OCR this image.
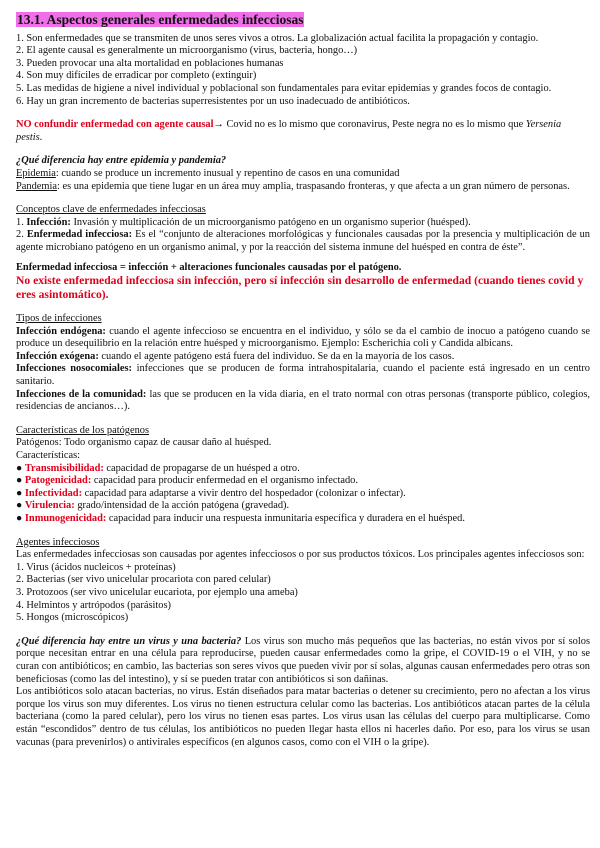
13.1. Aspectos generales enfermedades infecciosas

1. Son enfermedades que se transmiten de unos seres vivos a otros. La globalización actual facilita la propagación y contagio.

2. El agente causal es generalmente un microorganismo (virus, bacteria, hongo…)

3. Pueden provocar una alta mortalidad en poblaciones humanas

4. Son muy difíciles de erradicar por completo (extinguir)

5. Las medidas de higiene a nivel individual y poblacional son fundamentales para evitar epidemias y grandes focos de contagio.

6. Hay un gran incremento de bacterias superresistentes por un uso inadecuado de antibióticos.

NO confundir enfermedad con agente causal→ Covid no es lo mismo que coronavirus, Peste negra no es lo mismo que Yersenia pestis.

¿Qué diferencia hay entre epidemia y pandemia?

Epidemia: cuando se produce un incremento inusual y repentino de casos en una comunidad

Pandemia: es una epidemia que tiene lugar en un área muy amplia, traspasando fronteras, y que afecta a un gran número de personas.

Conceptos clave de enfermedades infecciosas

1. Infección: Invasión y multiplicación de un microorganismo patógeno en un organismo superior (huésped).

2. Enfermedad infecciosa: Es el “conjunto de alteraciones morfológicas y funcionales causadas por la presencia y multiplicación de un agente microbiano patógeno en un organismo animal, y por la reacción del sistema inmune del huésped en contra de éste”.

Enfermedad infecciosa = infección + alteraciones funcionales causadas por el patógeno.

No existe enfermedad infecciosa sin infección, pero sí infección sin desarrollo de enfermedad (cuando tienes covid y eres asintomático).

Tipos de infecciones

Infección endógena: cuando el agente infeccioso se encuentra en el individuo, y sólo se da el cambio de inocuo a patógeno cuando se produce un desequilibrio en la relación entre huésped y microorganismo. Ejemplo: Escherichia coli y Candida albicans.

Infección exógena: cuando el agente patógeno está fuera del individuo. Se da en la mayoría de los casos.

Infecciones nosocomiales: infecciones que se producen de forma intrahospitalaria, cuando el paciente está ingresado en un centro sanitario.

Infecciones de la comunidad: las que se producen en la vida diaria, en el trato normal con otras personas (transporte público, colegios, residencias de ancianos…).

Características de los patógenos

Patógenos: Todo organismo capaz de causar daño al huésped.

Características:

● Transmisibilidad: capacidad de propagarse de un huésped a otro.

● Patogenicidad: capacidad para producir enfermedad en el organismo infectado.

● Infectividad: capacidad para adaptarse a vivir dentro del hospedador (colonizar o infectar).

● Virulencia: grado/intensidad de la acción patógena (gravedad).

● Inmunogenicidad: capacidad para inducir una respuesta inmunitaria específica y duradera en el huésped.

Agentes infecciosos

Las enfermedades infecciosas son causadas por agentes infecciosos o por sus productos tóxicos. Los principales agentes infecciosos son:

1. Virus (ácidos nucleicos + proteínas)

2. Bacterias (ser vivo unicelular procariota con pared celular)

3. Protozoos (ser vivo unicelular eucariota, por ejemplo una ameba)

4. Helmintos y artrópodos (parásitos)

5. Hongos (microscópicos)

¿Qué diferencia hay entre un virus y una bacteria? Los virus son mucho más pequeños que las bacterias, no están vivos por sí solos porque necesitan entrar en una célula para reproducirse, pueden causar enfermedades como la gripe, el COVID-19 o el VIH, y no se curan con antibióticos; en cambio, las bacterias son seres vivos que pueden vivir por sí solas, algunas causan enfermedades pero otras son beneficiosas (como las del intestino), y sí se pueden tratar con antibióticos si son dañinas.

Los antibióticos solo atacan bacterias, no virus. Están diseñados para matar bacterias o detener su crecimiento, pero no afectan a los virus porque los virus son muy diferentes. Los virus no tienen estructura celular como las bacterias. Los antibióticos atacan partes de la célula bacteriana (como la pared celular), pero los virus no tienen esas partes. Los virus usan las células del cuerpo para multiplicarse. Como están “escondidos” dentro de tus células, los antibióticos no pueden llegar hasta ellos ni hacerles daño. Por eso, para los virus se usan vacunas (para prevenirlos) o antivirales específicos (en algunos casos, como con el VIH o la gripe).
